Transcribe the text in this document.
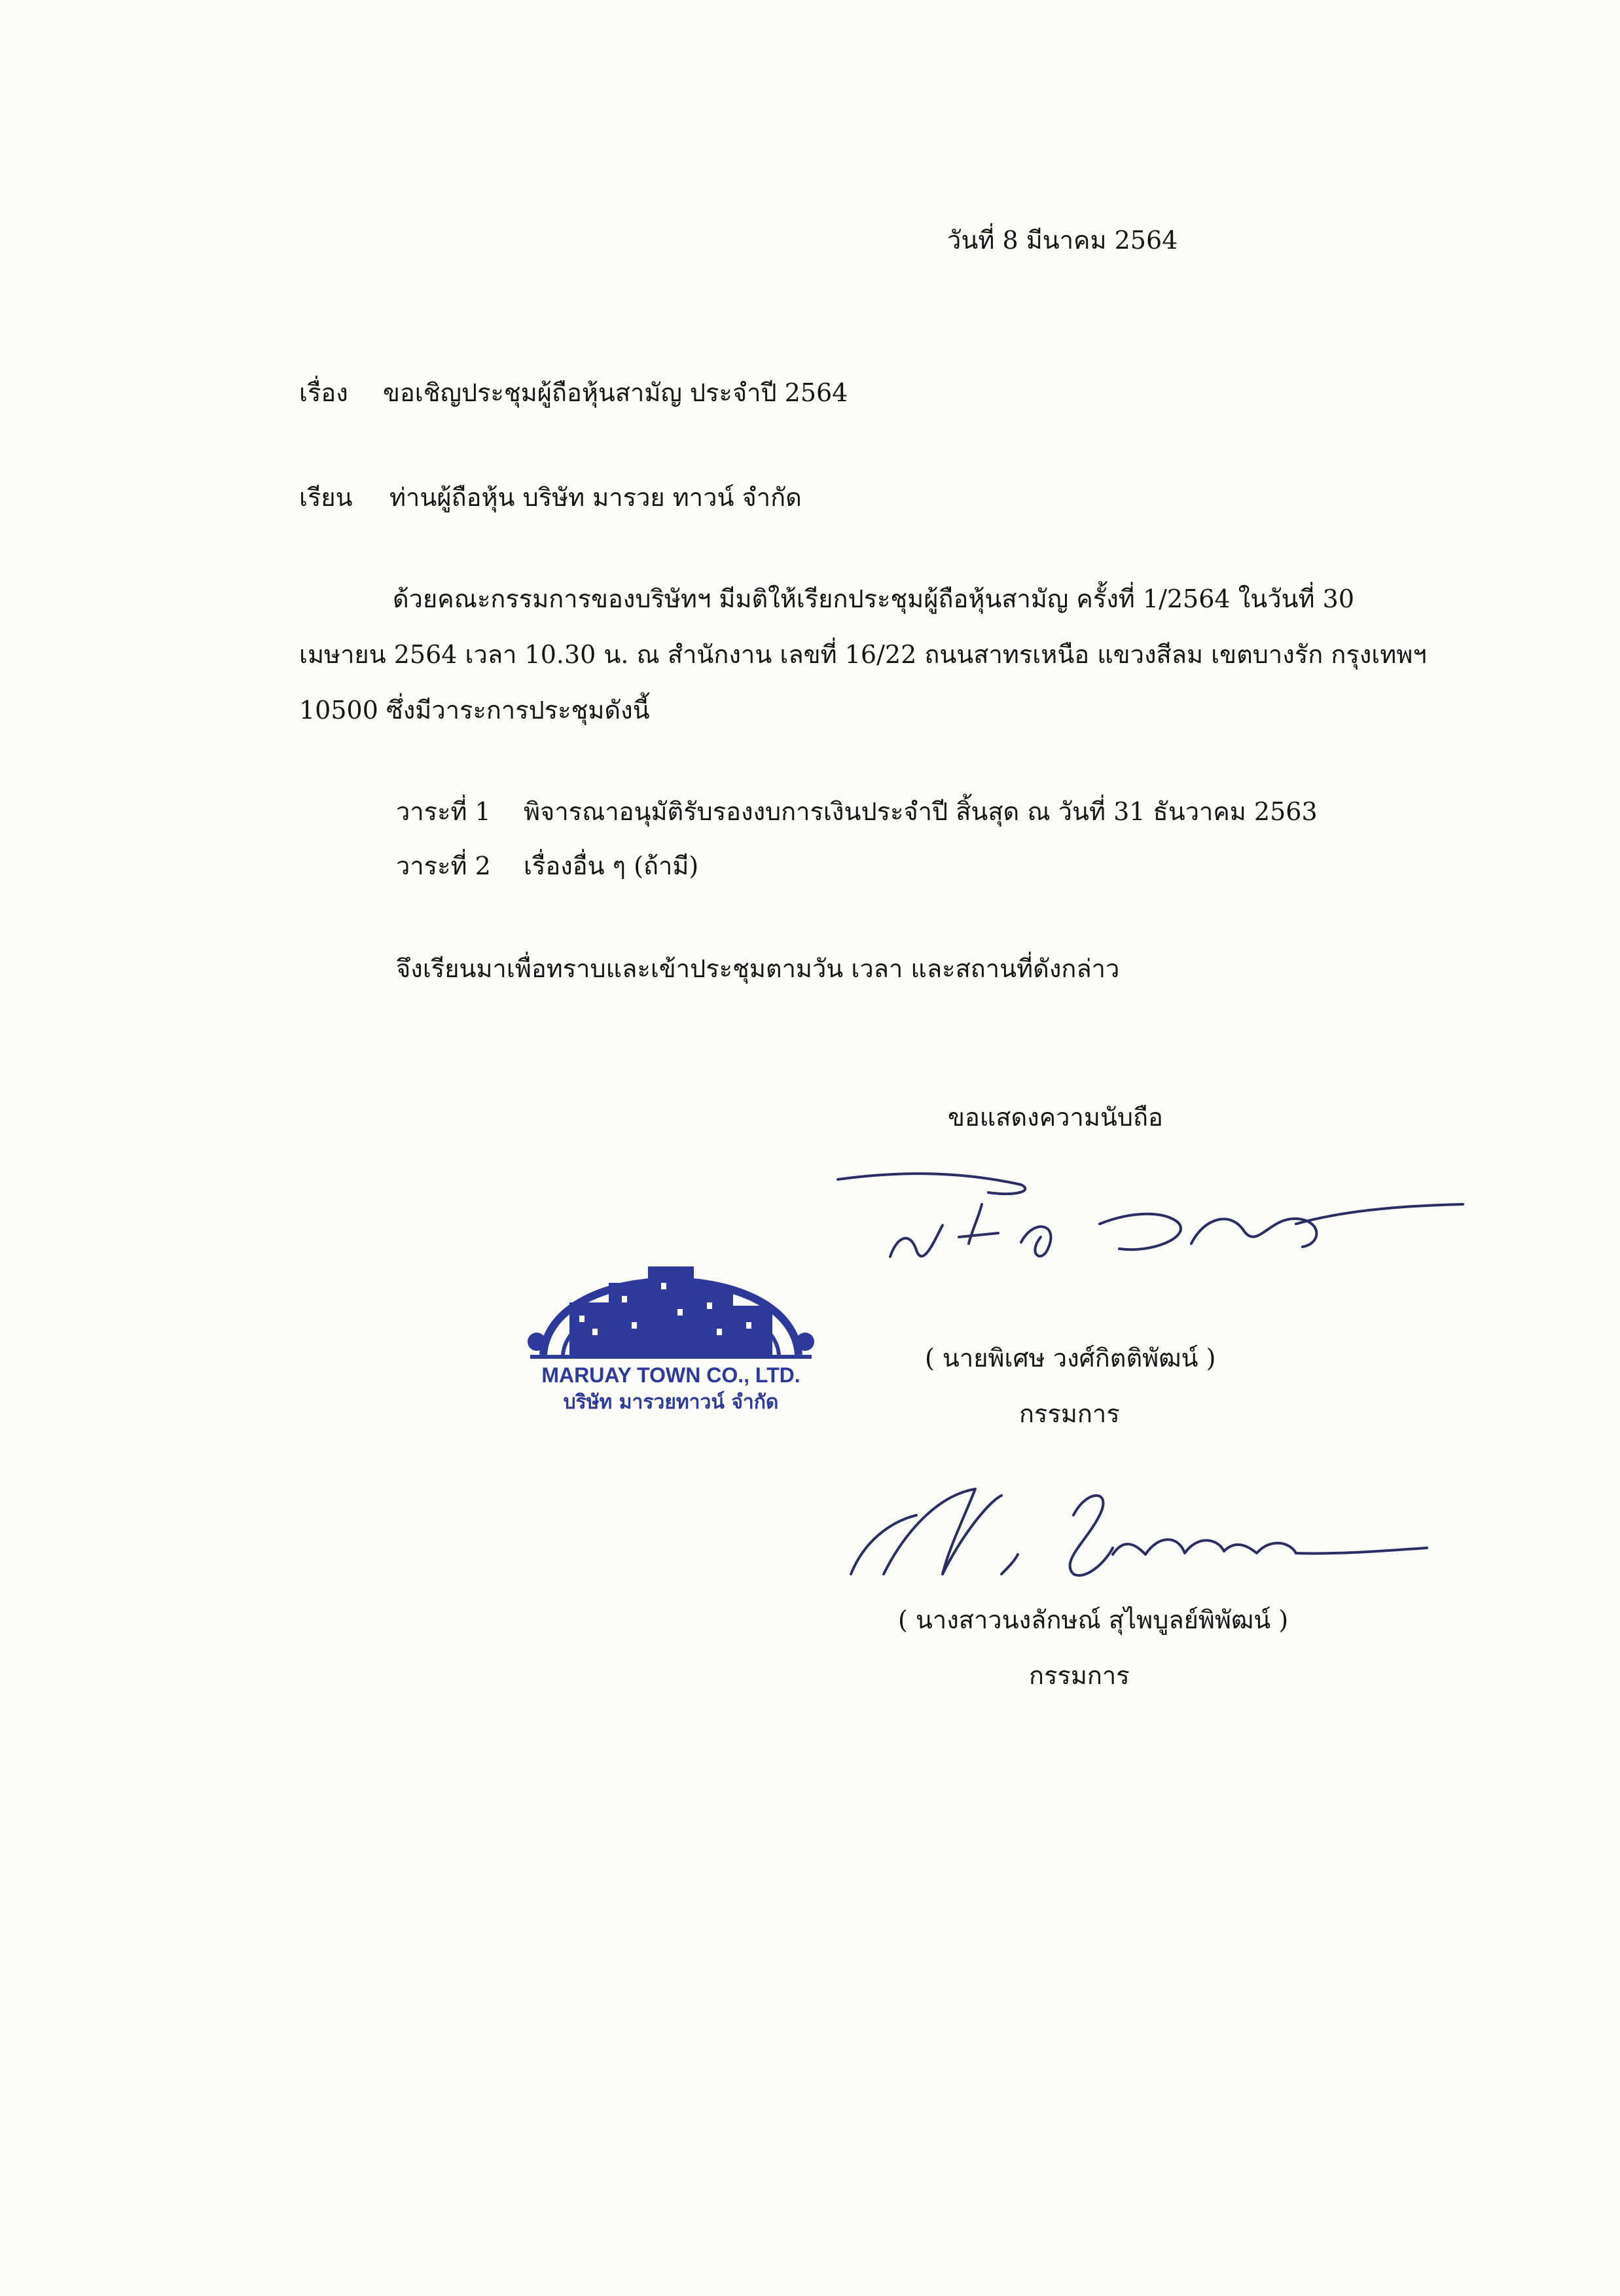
วันที่ 8 มีนาคม 2564

เรื่อง ขอเชิญประชุมผู้ถือหุ้นสามัญ ประจำปี 2564
เรียน ท่านผู้ถือหุ้น บริษัท มารวย ทาวน์ จำกัด

ด้วยคณะกรรมการของบริษัทฯ มีมติให้เรียกประชุมผู้ถือหุ้นสามัญ ครั้งที่ 1/2564 ในวันที่ 30

เมษายน 2564 เวลา 10.30 น. ณ สำนักงาน เลขที่ 16/22 ถนนสาทรเหนือ แขวงสีลม เขตบางรัก กรุงเทพฯ

10500 ซึ่งมีวาระการประชุมดังนี้

วาระที่ 1 พิจารณาอนุมัติรับรองงบการเงินประจำปี สิ้นสุด ณ วันที่ 31 ธันวาคม 2563
วาระที่ 2 เรื่องอื่น ๆ (ถ้ามี)

จึงเรียนมาเพื่อทราบและเข้าประชุมตามวัน เวลา และสถานที่ดังกล่าว

ขอแสดงความนับถือ

MARUAY TOWN CO., LTD.
บริษัท มารวยทาวน์ จำกัด

( นายพิเศษ วงศ์กิตติพัฒน์ )

กรรมการ

( นางสาวนงลักษณ์ สุไพบูลย์พิพัฒน์ )

กรรมการ
